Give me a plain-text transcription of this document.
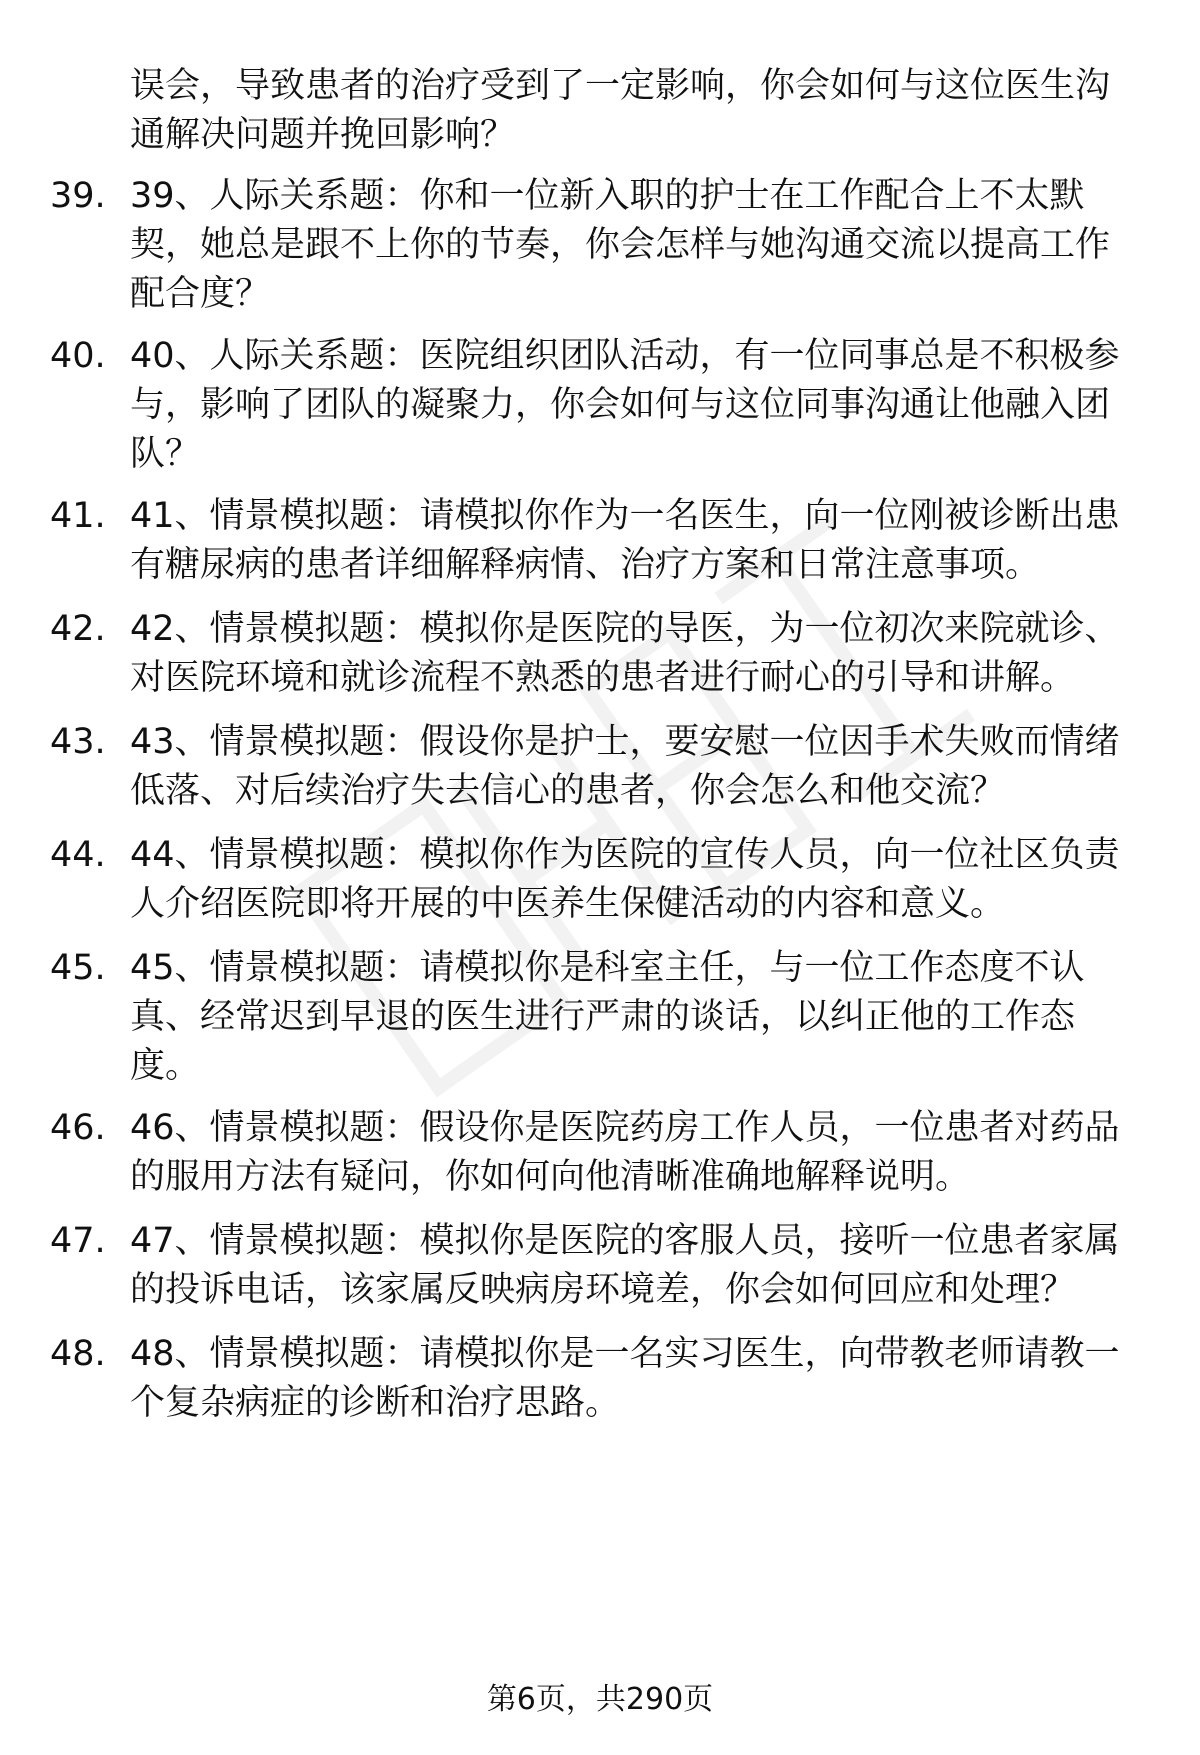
误会，导致患者的治疗受到了一定影响，你会如何与这位医生沟通解决问题并挽回影响？
39. 39、人际关系题：你和一位新入职的护士在工作配合上不太默契，她总是跟不上你的节奏，你会怎样与她沟通交流以提高工作配合度？
40. 40、人际关系题：医院组织团队活动，有一位同事总是不积极参与，影响了团队的凝聚力，你会如何与这位同事沟通让他融入团队？
41. 41、情景模拟题：请模拟你作为一名医生，向一位刚被诊断出患有糖尿病的患者详细解释病情、治疗方案和日常注意事项。
42. 42、情景模拟题：模拟你是医院的导医，为一位初次来院就诊、对医院环境和就诊流程不熟悉的患者进行耐心的引导和讲解。
43. 43、情景模拟题：假设你是护士，要安慰一位因手术失败而情绪低落、对后续治疗失去信心的患者，你会怎么和他交流？
44. 44、情景模拟题：模拟你作为医院的宣传人员，向一位社区负责人介绍医院即将开展的中医养生保健活动的内容和意义。
45. 45、情景模拟题：请模拟你是科室主任，与一位工作态度不认真、经常迟到早退的医生进行严肃的谈话，以纠正他的工作态度。
46. 46、情景模拟题：假设你是医院药房工作人员，一位患者对药品的服用方法有疑问，你如何向他清晰准确地解释说明。
47. 47、情景模拟题：模拟你是医院的客服人员，接听一位患者家属的投诉电话，该家属反映病房环境差，你会如何回应和处理？
48. 48、情景模拟题：请模拟你是一名实习医生，向带教老师请教一个复杂病症的诊断和治疗思路。
第6页，共290页
